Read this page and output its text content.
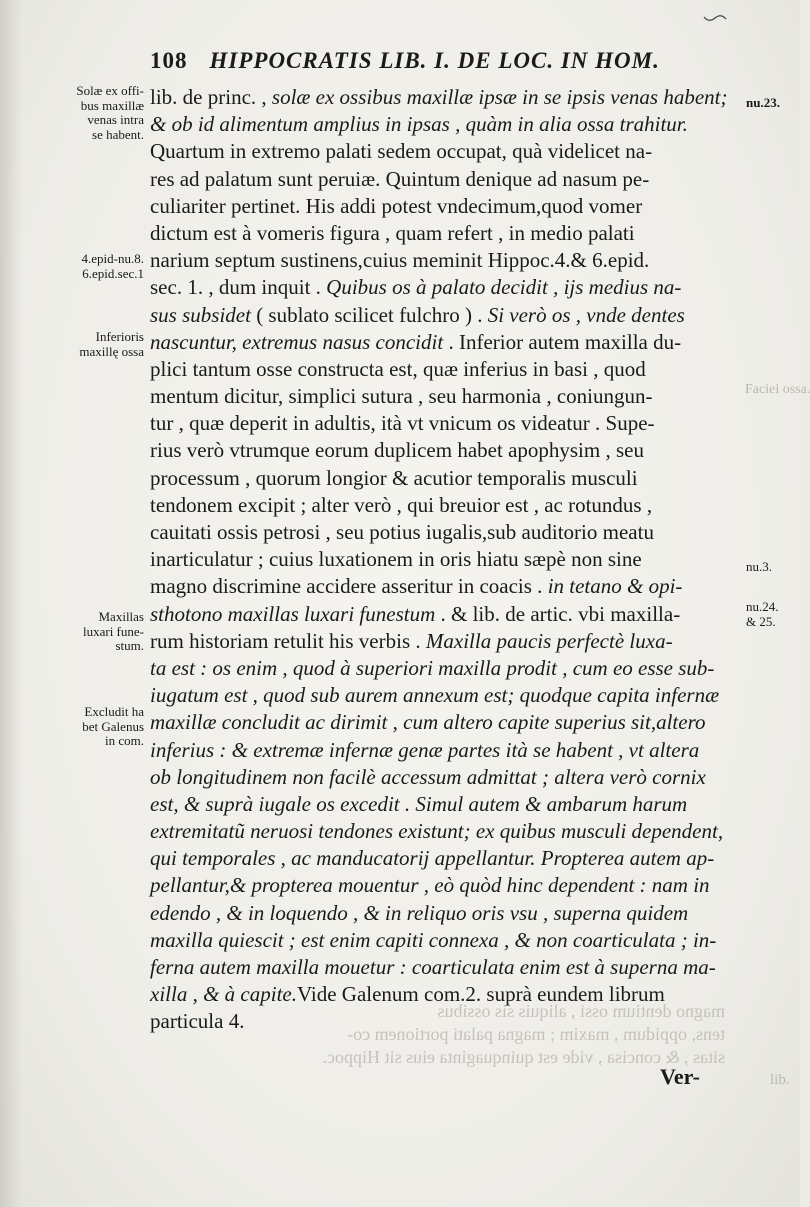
108 HIPPOCRATIS LIB. I. DE LOC. IN HOM.
magno dentium ossi , aliquis sis ossibus
tens, oppidum , maxim ; magna palati portionem co-
sitas , & concisa , vide est quinquaginta eius sit Hippoc.
lib.
Faciei ossa.
lib. de princ. , solæ ex ossibus maxillæ ipsæ in se ipsis venas habent;
& ob id alimentum amplius in ipsas , quàm in alia ossa trahitur.
Quartum in extremo palati sedem occupat, quà videlicet na-
res ad palatum sunt peruiæ. Quintum denique ad nasum pe-
culiariter pertinet. His addi potest vndecimum,quod vomer
dictum est à vomeris figura , quam refert , in medio palati
narium septum sustinens,cuius meminit Hippoc.4.& 6.epid.
sec. 1. , dum inquit . Quibus os à palato decidit , ijs medius na-
sus subsidet ( sublato scilicet fulchro ) . Si verò os , vnde dentes
nascuntur, extremus nasus concidit . Inferior autem maxilla du-
plici tantum osse constructa est, quæ inferius in basi , quod
mentum dicitur, simplici sutura , seu harmonia , coniungun-
tur , quæ deperit in adultis, ità vt vnicum os videatur . Supe-
rius verò vtrumque eorum duplicem habet apophysim , seu
processum , quorum longior & acutior temporalis musculi
tendonem excipit ; alter verò , qui breuior est , ac rotundus ,
cauitati ossis petrosi , seu potius iugalis,sub auditorio meatu
inarticulatur ; cuius luxationem in oris hiatu sæpè non sine
magno discrimine accidere asseritur in coacis . in tetano & opi-
sthotono maxillas luxari funestum . & lib. de artic. vbi maxilla-
rum historiam retulit his verbis . Maxilla paucis perfectè luxa-
ta est : os enim , quod à superiori maxilla prodit , cum eo esse sub-
iugatum est , quod sub aurem annexum est; quodque capita infernæ
maxillæ concludit ac dirimit , cum altero capite superius sit,altero
inferius : & extremæ infernæ genæ partes ità se habent , vt altera
ob longitudinem non facilè accessum admittat ; altera verò cornix
est, & suprà iugale os excedit . Simul autem & ambarum harum
extremitatũ neruosi tendones existunt; ex quibus musculi dependent,
qui temporales , ac manducatorij appellantur. Propterea autem ap-
pellantur,& propterea mouentur , eò quòd hinc dependent : nam in
edendo , & in loquendo , & in reliquo oris vsu , superna quidem
maxilla quiescit ; est enim capiti connexa , & non coarticulata ; in-
ferna autem maxilla mouetur : coarticulata enim est à superna ma-
xilla , & à capite.Vide Galenum com.2. suprà eundem librum
particula 4.
Ver-
Solæ ex offi-
bus maxillæ
venas intra
se habent.
4.epid-nu.8.
6.epid.sec.1
Inferioris
maxillę ossa
Maxillas
luxari fune-
stum.
Excludit ha
bet Galenus
in com.
nu.23.
nu.3.
nu.24.
& 25.
